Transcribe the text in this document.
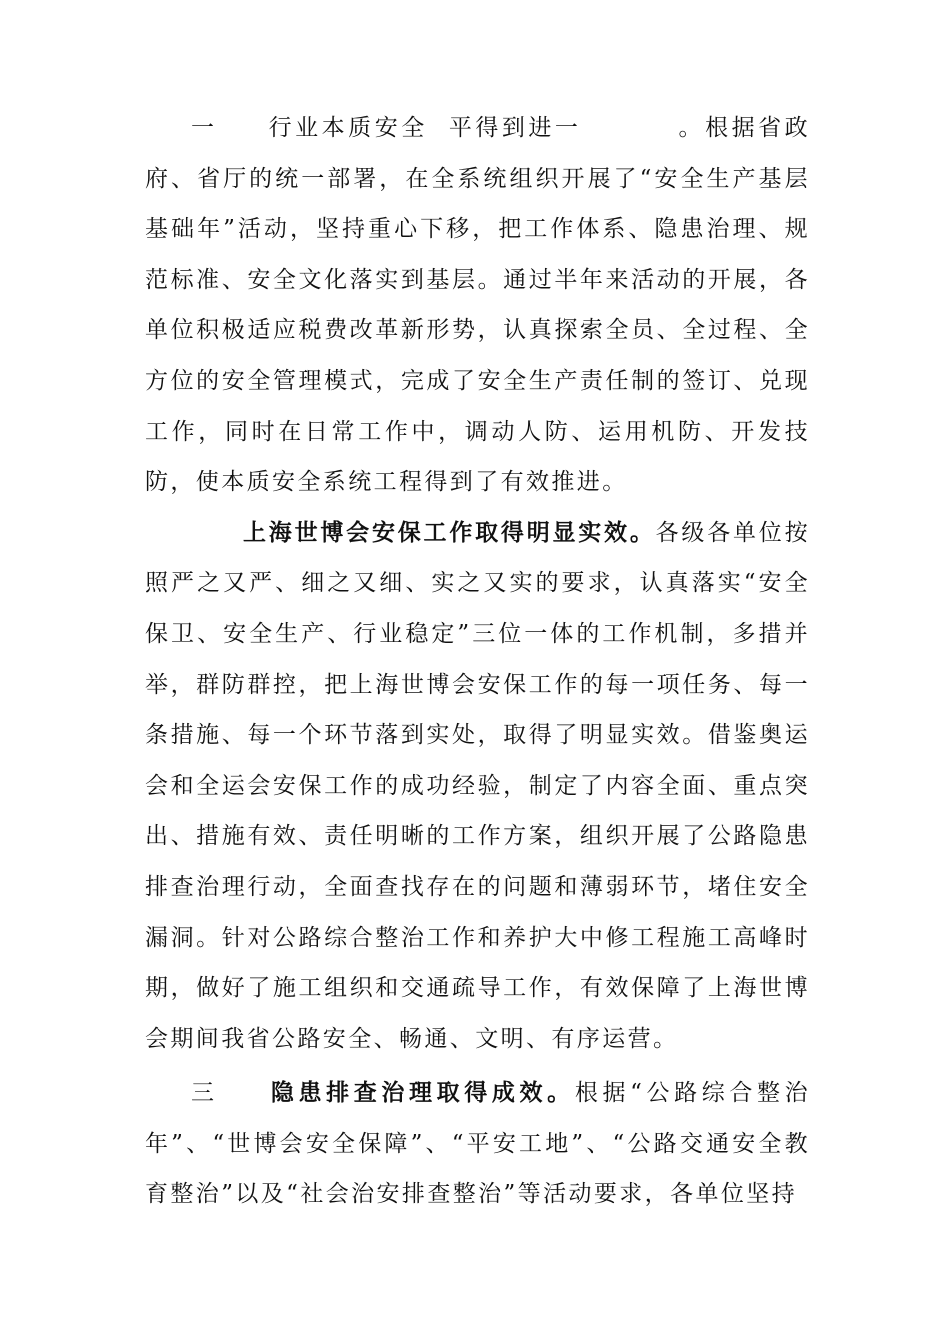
一 行业本质安全 平得到进一	。根据省政府、省厅的统一部署，在全系统组织开展了“安全生产基层基础年”活动，坚持重心下移，把工作体系、隐患治理、规范标准、安全文化落实到基层。通过半年来活动的开展，各单位积极适应税费改革新形势，认真探索全员、全过程、全方位的安全管理模式，完成了安全生产责任制的签订、兑现工作，同时在日常工作中，调动人防、运用机防、开发技防，使本质安全系统工程得到了有效推进。

上海世博会安保工作取得明显实效。各级各单位按照严之又严、细之又细、实之又实的要求，认真落实“安全保卫、安全生产、行业稳定”三位一体的工作机制，多措并举，群防群控，把上海世博会安保工作的每一项任务、每一条措施、每一个环节落到实处，取得了明显实效。借鉴奥运会和全运会安保工作的成功经验，制定了内容全面、重点突出、措施有效、责任明晰的工作方案，组织开展了公路隐患排查治理行动，全面查找存在的问题和薄弱环节，堵住安全漏洞。针对公路综合整治工作和养护大中修工程施工高峰时期，做好了施工组织和交通疏导工作，有效保障了上海世博会期间我省公路安全、畅通、文明、有序运营。

三 隐患排查治理取得成效。根据“公路综合整治年”、“世博会安全保障”、“平安工地”、“公路交通安全教育整治”以及“社会治安排查整治”等活动要求，各单位坚持
